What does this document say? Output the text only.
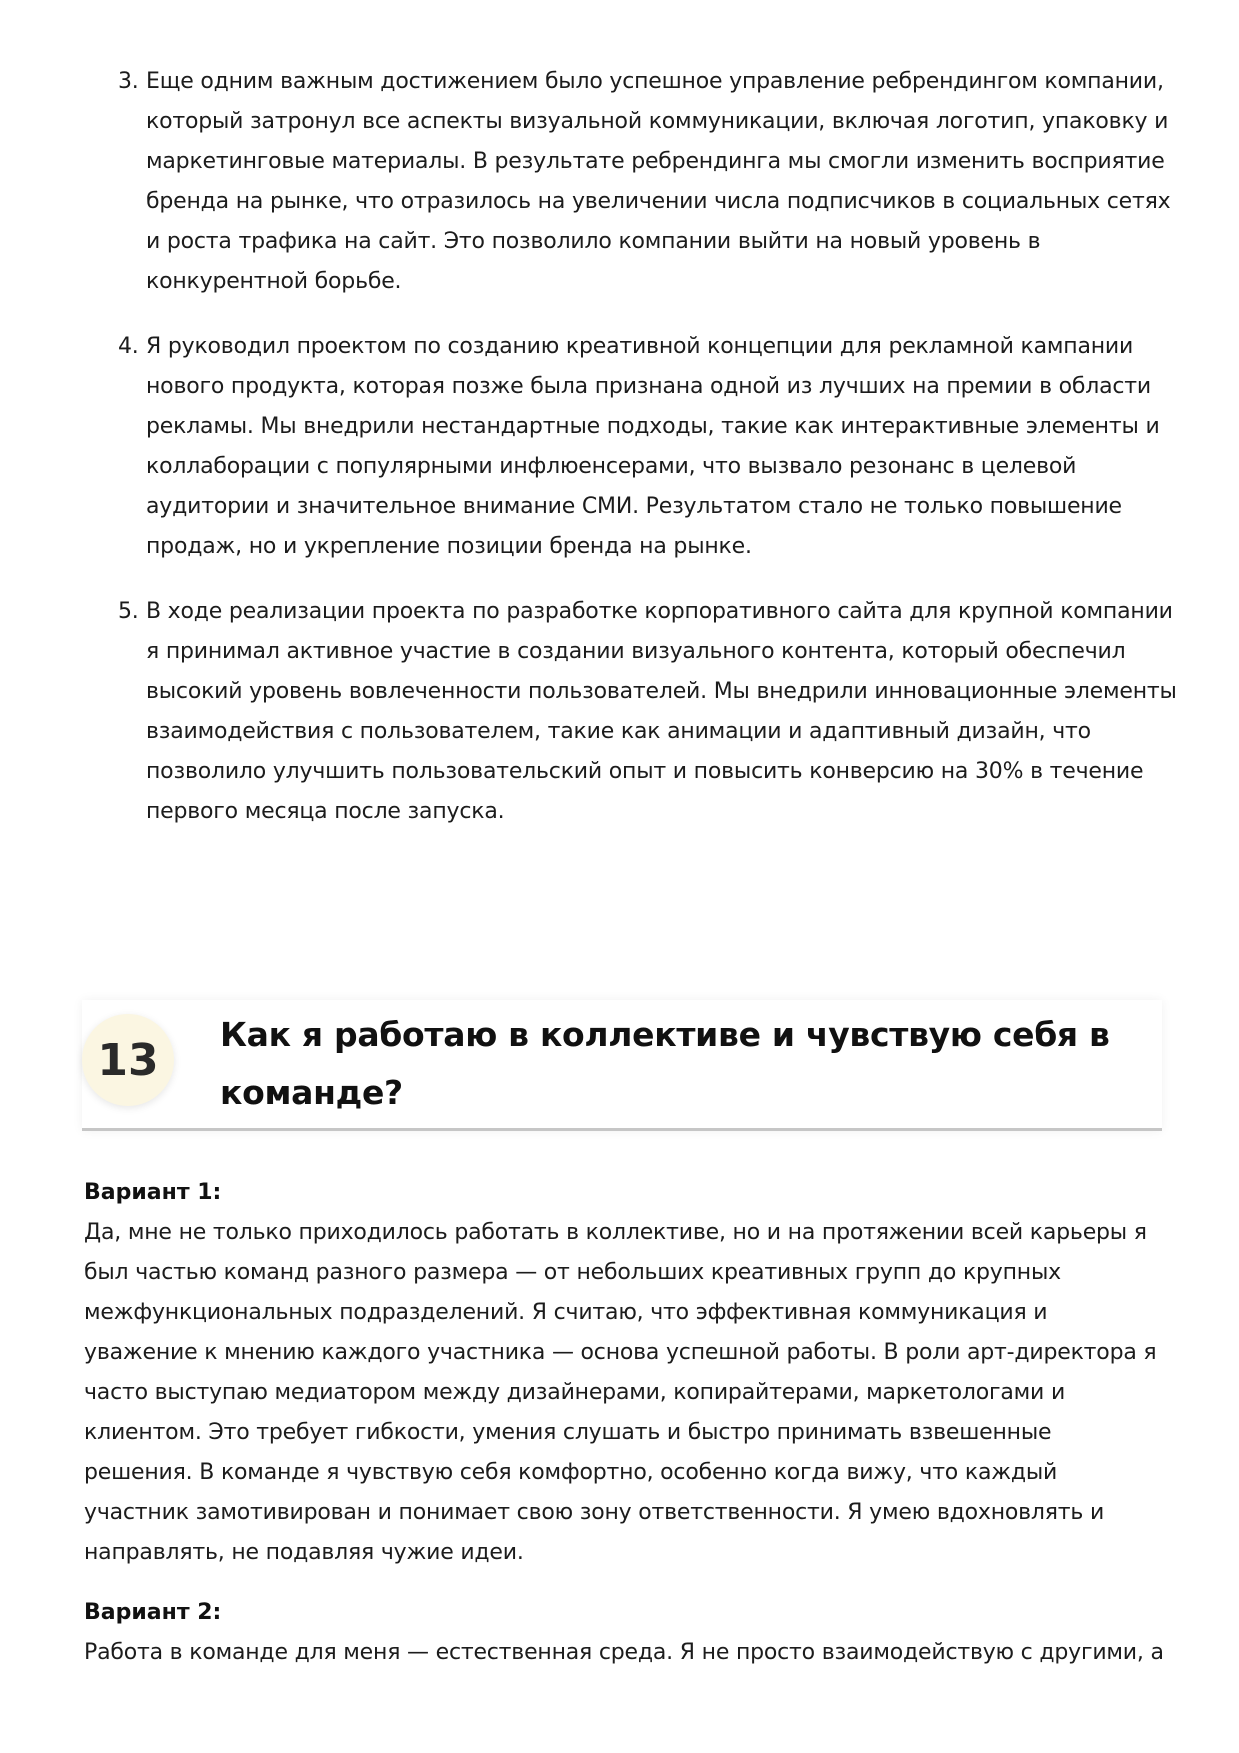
3. Еще одним важным достижением было успешное управление ребрендингом компании, который затронул все аспекты визуальной коммуникации, включая логотип, упаковку и маркетинговые материалы. В результате ребрендинга мы смогли изменить восприятие бренда на рынке, что отразилось на увеличении числа подписчиков в социальных сетях и роста трафика на сайт. Это позволило компании выйти на новый уровень в конкурентной борьбе.
4. Я руководил проектом по созданию креативной концепции для рекламной кампании нового продукта, которая позже была признана одной из лучших на премии в области рекламы. Мы внедрили нестандартные подходы, такие как интерактивные элементы и коллаборации с популярными инфлюенсерами, что вызвало резонанс в целевой аудитории и значительное внимание СМИ. Результатом стало не только повышение продаж, но и укрепление позиции бренда на рынке.
5. В ходе реализации проекта по разработке корпоративного сайта для крупной компании я принимал активное участие в создании визуального контента, который обеспечил высокий уровень вовлеченности пользователей. Мы внедрили инновационные элементы взаимодействия с пользователем, такие как анимации и адаптивный дизайн, что позволило улучшить пользовательский опыт и повысить конверсию на 30% в течение первого месяца после запуска.
13	Как я работаю в коллективе и чувствую себя в команде?
Вариант 1:
Да, мне не только приходилось работать в коллективе, но и на протяжении всей карьеры я был частью команд разного размера — от небольших креативных групп до крупных межфункциональных подразделений. Я считаю, что эффективная коммуникация и уважение к мнению каждого участника — основа успешной работы. В роли арт-директора я часто выступаю медиатором между дизайнерами, копирайтерами, маркетологами и клиентом. Это требует гибкости, умения слушать и быстро принимать взвешенные решения. В команде я чувствую себя комфортно, особенно когда вижу, что каждый участник замотивирован и понимает свою зону ответственности. Я умею вдохновлять и направлять, не подавляя чужие идеи.
Вариант 2:
Работа в команде для меня — естественная среда. Я не просто взаимодействую с другими, а
